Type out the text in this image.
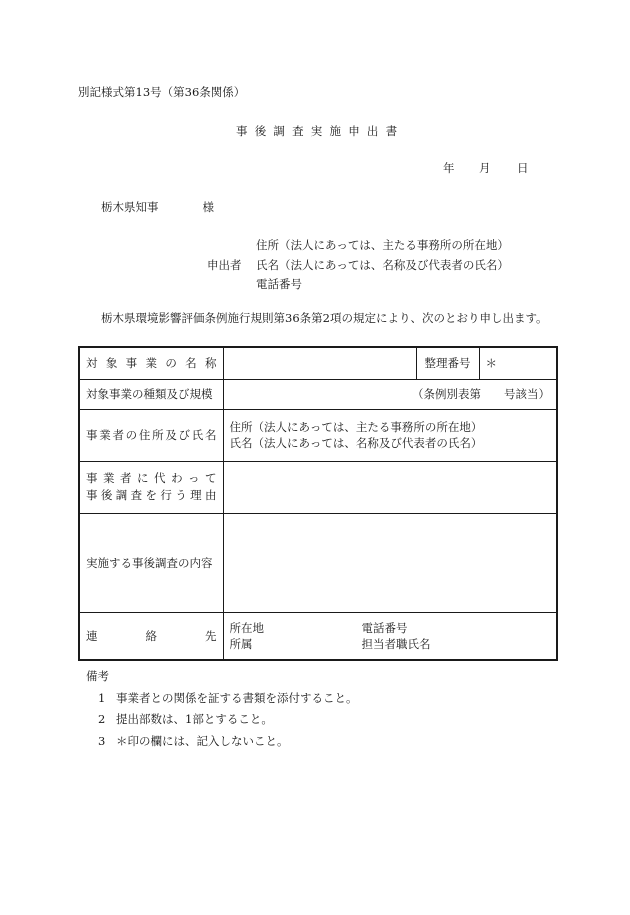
別記様式第13号（第36条関係）
事後調査実施申出書
年 月 日
栃木県知事	様
申出者
住所（法人にあっては、主たる事務所の所在地）
氏名（法人にあっては、名称及び代表者の氏名）
電話番号
栃木県環境影響評価条例施行規則第36条第2項の規定により、次のとおり申し出ます。
対象事業の名称		整理番号	＊
対象事業の種類及び規模	（条例別表第　　号該当）		

事業者の住所及び氏名	住所（法人にあっては、主たる事務所の所在地）
氏名（法人にあっては、名称及び代表者の氏名）		

事業者に代わって
事後調査を行う理由			

実施する事後調査の内容			

連絡先	所在地 電話番号
所属 担当者職氏名		
備考
1 事業者との関係を証する書類を添付すること。
2 提出部数は、1部とすること。
3 ＊印の欄には、記入しないこと。
